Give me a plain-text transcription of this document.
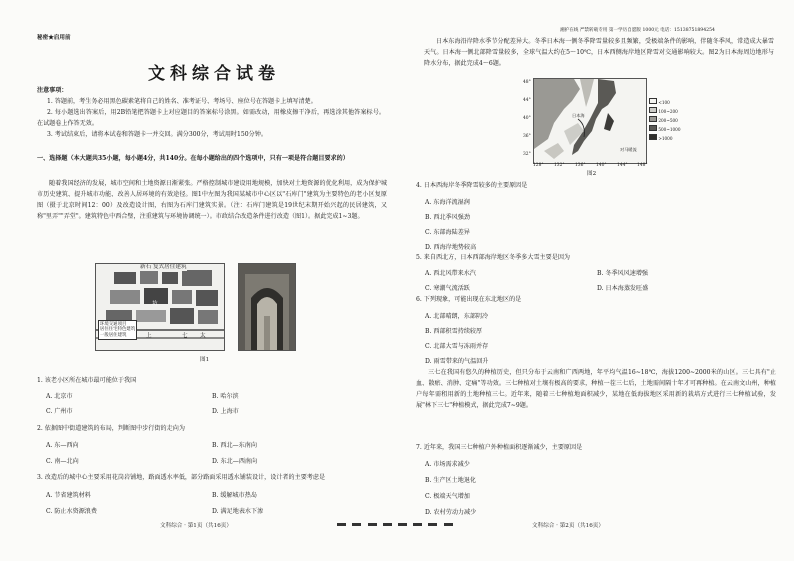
秘密★启用前
文科综合试卷
注意事项：
1. 答题前，考生务必用黑色碳素笔将自己的姓名、准考证号、考场号、座位号在答题卡上填写清楚。
2. 每小题选出答案后，用2B铅笔把答题卡上对应题目的答案标号涂黑。如需改动，用橡皮擦干净后，再选涂其他答案标号。在试题卷上作答无效。
3. 考试结束后，请将本试卷和答题卡一并交回。满分300分，考试用时150分钟。
一、选择题（本大题共35小题，每小题4分，共140分。在每小题给出的四个选项中，只有一项是符合题目要求的）
随着我国经济的发展，城市空间和土地资源日渐紧张。严格控制城市建设用地规模，加快对土地资源的优化利用，成为保护城市历史建筑、提升城市功能、改善人居环境的有效途径。图1中左图为我国某城市中心区以"石库门"建筑为主要特色的老小区复原图（摄于北京时间12：00）及改造设计图，右图为石库门建筑实景。（注：石库门建筑是19世纪末期开始兴起的民居建筑，又称"里弄""弄堂"。建筑特色中西合璧，注重建筑与环境协调统一）。市政结合改造条件进行改造（图1）。据此完成1~3题。
新石 复式居住建筑
上	七 太
坊
环境交通项目
居住住宅特色建筑
一般居住建筑
图1
1. 该老小区所在城市最可能位于我国
A. 北京市	B. 哈尔滨
C. 广州市	D. 上海市
2. 依据图中街道建筑的布局，判断图中步行街的走向为
A. 东—西向	B. 西北—东南向
C. 南—北向	D. 东北—西南向
3. 改造后的城中心主要采用花岗岩铺地，路面透水率低，部分路面采用透水铺装设计，设计者的主要考虑是
A. 节省建筑材料	B. 缓解城市热岛
C. 防止水资源浪费	D. 满足地表水下渗
文科综合 · 第1页（共16页）
湘护在线 严禁转载专用 第一学历自愿版 1000元 电话：15138751894254
日本东海沿岸降水季节分配差异大。冬季日本海一侧冬季降雪量较多且频繁，受极端条件的影响，伴随冬季风，常造成大暴雪天气。日本海一侧北部降雪量较多，全球气温大约在5～10℃，日本西侧海岸地区降雪对交通影响较大。图2为日本海周边地形与降水分布，据此完成4～6题。
日本海
对马暖流
48°
44°
40°
36°
32°
128° 132° 136° 140° 144° 148°
<100
100~200
200~500
500~1000
>1000
图2
4. 日本西海岸冬季降雪较多的主要原因是
A. 东海洋流湿润
B. 西北季风强劲
C. 东部海陆差异
D. 西海岸地势较高
5. 来自西北方，日本西部海岸地区冬季多大雪主要是因为
A. 西北风带来水汽	B. 冬季风风速增强
C. 寒潮气流活跃	D. 日本海蒸发旺盛
6. 下列现象，可能出现在东北地区的是
A. 北部晴朗，东部阴冷
B. 西部积雪持续较厚
C. 北部大雪与冻雨并存
D. 雨雪带来的气温回升
三七在我国有悠久的种植历史，但只分布于云南和广西两地，年平均气温16~18℃，海拔1200~2000米的山区。三七具有"止血、散瘀、消肿、定痛"等功效。三七种植对土壤有极高的要求，种植一茬三七后，土地需间隔十年才可再种植。在云南文山州，种植户每年需租用新的土地种植三七。近年来，随着三七种植地面积减少，某地在低海拔地区采用新的栽培方式进行三七种植试验，发展"林下三七"种植模式，据此完成7~9题。
7. 近年来，我国三七种植户外种植面积逐渐减少，主要原因是
A. 市场需求减少
B. 生产区土地退化
C. 极端天气增加
D. 农村劳动力减少
文科综合 · 第2页（共16页）
